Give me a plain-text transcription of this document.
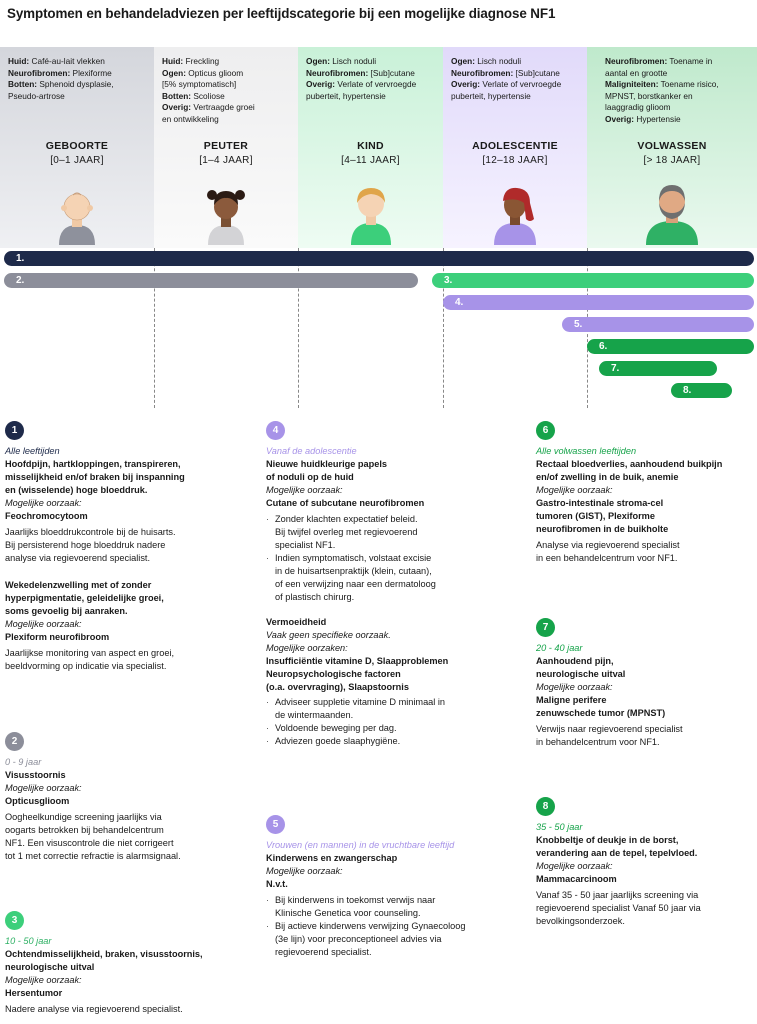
Symptomen en behandeladviezen per leeftijdscategorie bij een mogelijke diagnose NF1
Huid: Café-au-lait vlekken
Neurofibromen: Plexiforme
Botten: Sphenoid dysplasie,
Pseudo-artrose
GEBOORTE
[0–1 JAAR]
Huid: Freckling
Ogen: Opticus glioom
[5% symptomatisch]
Botten: Scoliose
Overig: Vertraagde groei
en ontwikkeling
PEUTER
[1–4 JAAR]
Ogen: Lisch noduli
Neurofibromen: [Sub]cutane
Overig: Verlate of vervroegde
puberteit, hypertensie
KIND
[4–11 JAAR]
Ogen: Lisch noduli
Neurofibromen: [Sub]cutane
Overig: Verlate of vervroegde
puberteit, hypertensie
ADOLESCENTIE
[12–18 JAAR]
Neurofibromen: Toename in
aantal en grootte
Maligniteiten: Toename risico,
MPNST, borstkanker en
laaggradig glioom
Overig: Hypertensie
VOLWASSEN
[> 18 JAAR]
1.
2.	3.
4.
5.
6.
7.
8.
1
Alle leeftijden
Hoofdpijn, hartkloppingen, transpireren,
misselijkheid en/of braken bij inspanning
en (wisselende) hoge bloeddruk.
Mogelijke oorzaak:
Feochromocytoom
Jaarlijks bloeddrukcontrole bij de huisarts.
Bij persisterend hoge bloeddruk nadere
analyse via regievoerend specialist.
Wekedelenzwelling met of zonder
hyperpigmentatie, geleidelijke groei,
soms gevoelig bij aanraken.
Mogelijke oorzaak:
Plexiform neurofibroom
Jaarlijkse monitoring van aspect en groei,
beeldvorming op indicatie via specialist.
2
0 - 9 jaar
Visusstoornis
Mogelijke oorzaak:
Opticusglioom
Oogheelkundige screening jaarlijks via
oogarts betrokken bij behandelcentrum
NF1. Een visuscontrole die niet corrigeert
tot 1 met correctie refractie is alarmsignaal.
3
10 - 50 jaar
Ochtendmisselijkheid, braken, visusstoornis,
neurologische uitval
Mogelijke oorzaak:
Hersentumor
Nadere analyse via regievoerend specialist.
4
Vanaf de adolescentie
Nieuwe huidkleurige papels
of noduli op de huid
Mogelijke oorzaak:
Cutane of subcutane neurofibromen
· Zonder klachten expectatief beleid.
Bij twijfel overleg met regievoerend
specialist NF1.
· Indien symptomatisch, volstaat excisie
in de huisartsenpraktijk (klein, cutaan),
of een verwijzing naar een dermatoloog
of plastisch chirurg.
Vermoeidheid
Vaak geen specifieke oorzaak.
Mogelijke oorzaken:
Insufficiëntie vitamine D, Slaapproblemen
Neuropsychologische factoren
(o.a. overvraging), Slaapstoornis
· Adviseer suppletie vitamine D minimaal in
de wintermaanden.
· Voldoende beweging per dag.
· Adviezen goede slaaphygiëne.
5
Vrouwen (en mannen) in de vruchtbare leeftijd
Kinderwens en zwangerschap
Mogelijke oorzaak:
N.v.t.
· Bij kinderwens in toekomst verwijs naar
Klinische Genetica voor counseling.
· Bij actieve kinderwens verwijzing Gynaecoloog
(3e lijn) voor preconceptioneel advies via
regievoerend specialist.
6
Alle volwassen leeftijden
Rectaal bloedverlies, aanhoudend buikpijn
en/of zwelling in de buik, anemie
Mogelijke oorzaak:
Gastro-intestinale stroma-cel
tumoren (GIST), Plexiforme
neurofibromen in de buikholte
Analyse via regievoerend specialist
in een behandelcentrum voor NF1.
7
20 - 40 jaar
Aanhoudend pijn,
neurologische uitval
Mogelijke oorzaak:
Maligne perifere
zenuwschede tumor (MPNST)
Verwijs naar regievoerend specialist
in behandelcentrum voor NF1.
8
35 - 50 jaar
Knobbeltje of deukje in de borst,
verandering aan de tepel, tepelvloed.
Mogelijke oorzaak:
Mammacarcinoom
Vanaf 35 - 50 jaar jaarlijks screening via
regievoerend specialist Vanaf 50 jaar via
bevolkingsonderzoek.
